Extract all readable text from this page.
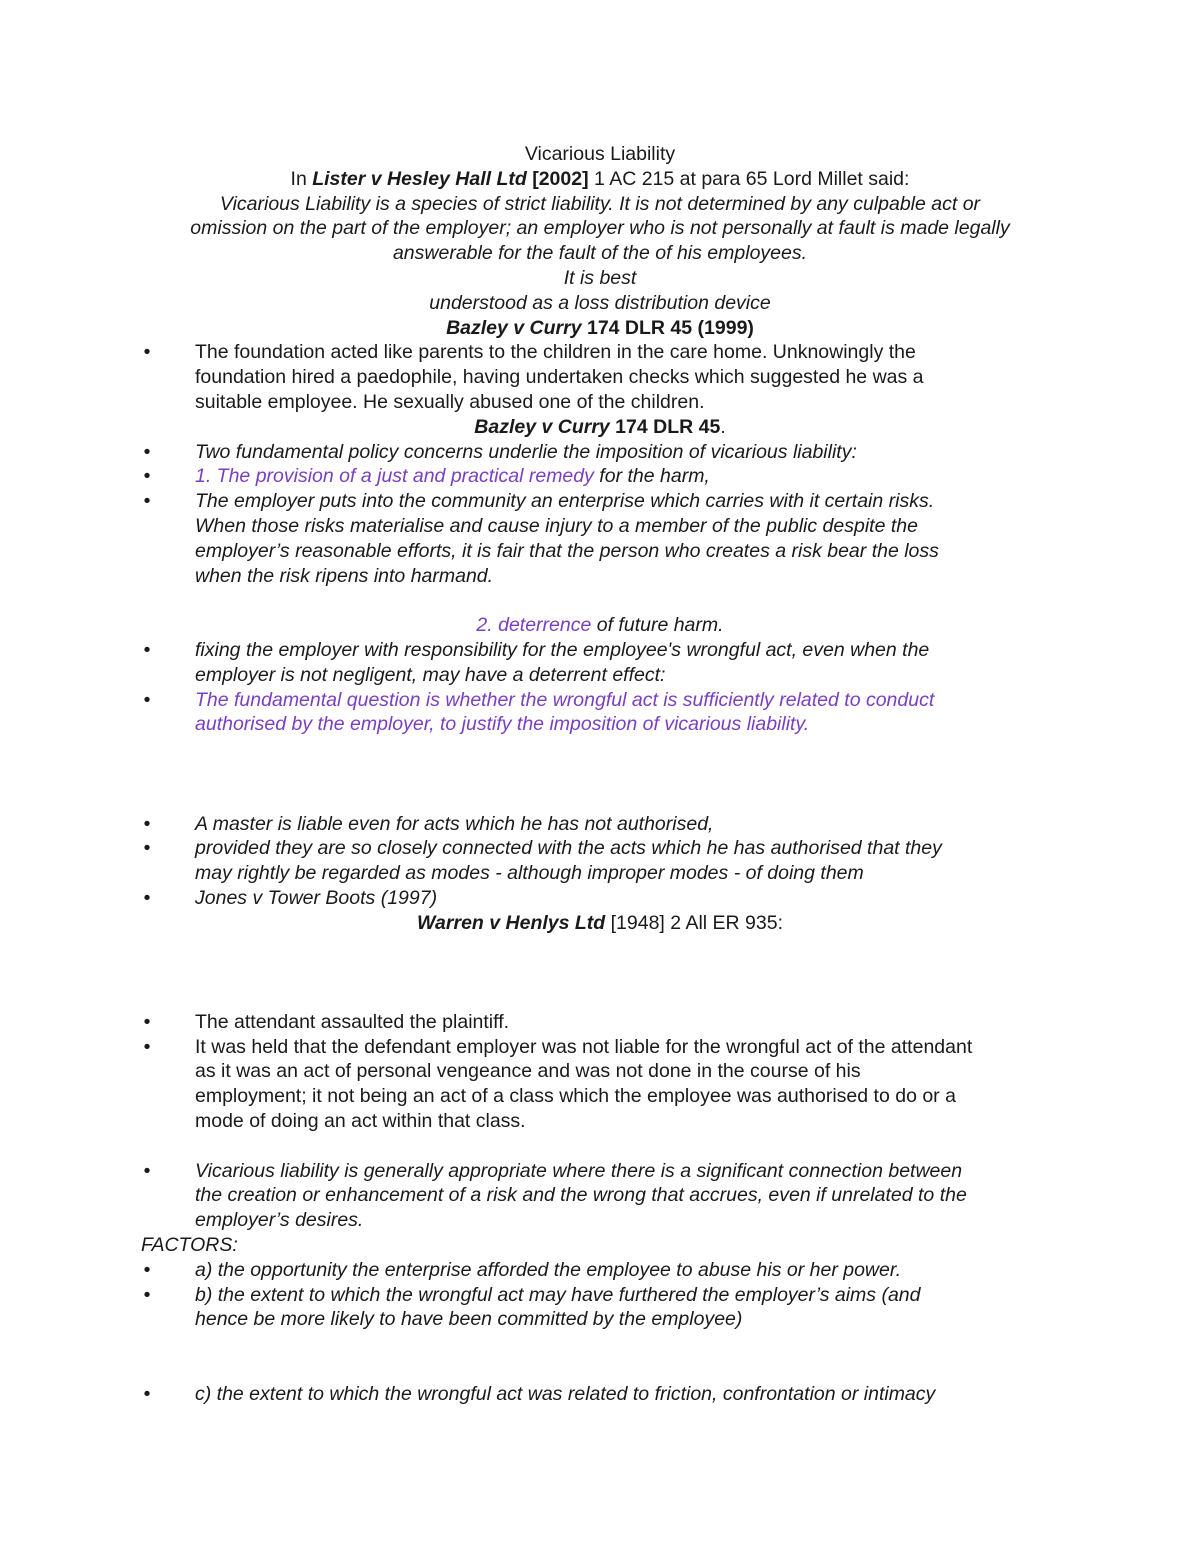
Vicarious Liability
In Lister v Hesley Hall Ltd [2002] 1 AC 215 at para 65 Lord Millet said:
Vicarious Liability is a species of strict liability. It is not determined by any culpable act or
omission on the part of the employer; an employer who is not personally at fault is made legally
answerable for the fault of the of his employees.
It is best
understood as a loss distribution device
Bazley v Curry 174 DLR 45 (1999)
• The foundation acted like parents to the children in the care home. Unknowingly the
foundation hired a paedophile, having undertaken checks which suggested he was a
suitable employee. He sexually abused one of the children.
Bazley v Curry 174 DLR 45.
• Two fundamental policy concerns underlie the imposition of vicarious liability:
• 1. The provision of a just and practical remedy for the harm,
• The employer puts into the community an enterprise which carries with it certain risks.
When those risks materialise and cause injury to a member of the public despite the
employer’s reasonable efforts, it is fair that the person who creates a risk bear the loss
when the risk ripens into harmand.
2. deterrence of future harm.
• fixing the employer with responsibility for the employee's wrongful act, even when the
employer is not negligent, may have a deterrent effect:
• The fundamental question is whether the wrongful act is sufficiently related to conduct
authorised by the employer, to justify the imposition of vicarious liability.
• A master is liable even for acts which he has not authorised,
• provided they are so closely connected with the acts which he has authorised that they
may rightly be regarded as modes - although improper modes - of doing them
• Jones v Tower Boots (1997)
Warren v Henlys Ltd [1948] 2 All ER 935:
• The attendant assaulted the plaintiff.
• It was held that the defendant employer was not liable for the wrongful act of the attendant
as it was an act of personal vengeance and was not done in the course of his
employment; it not being an act of a class which the employee was authorised to do or a
mode of doing an act within that class.
• Vicarious liability is generally appropriate where there is a significant connection between
the creation or enhancement of a risk and the wrong that accrues, even if unrelated to the
employer’s desires.
FACTORS:
• a) the opportunity the enterprise afforded the employee to abuse his or her power.
• b) the extent to which the wrongful act may have furthered the employer’s aims (and
hence be more likely to have been committed by the employee)
• c) the extent to which the wrongful act was related to friction, confrontation or intimacy
